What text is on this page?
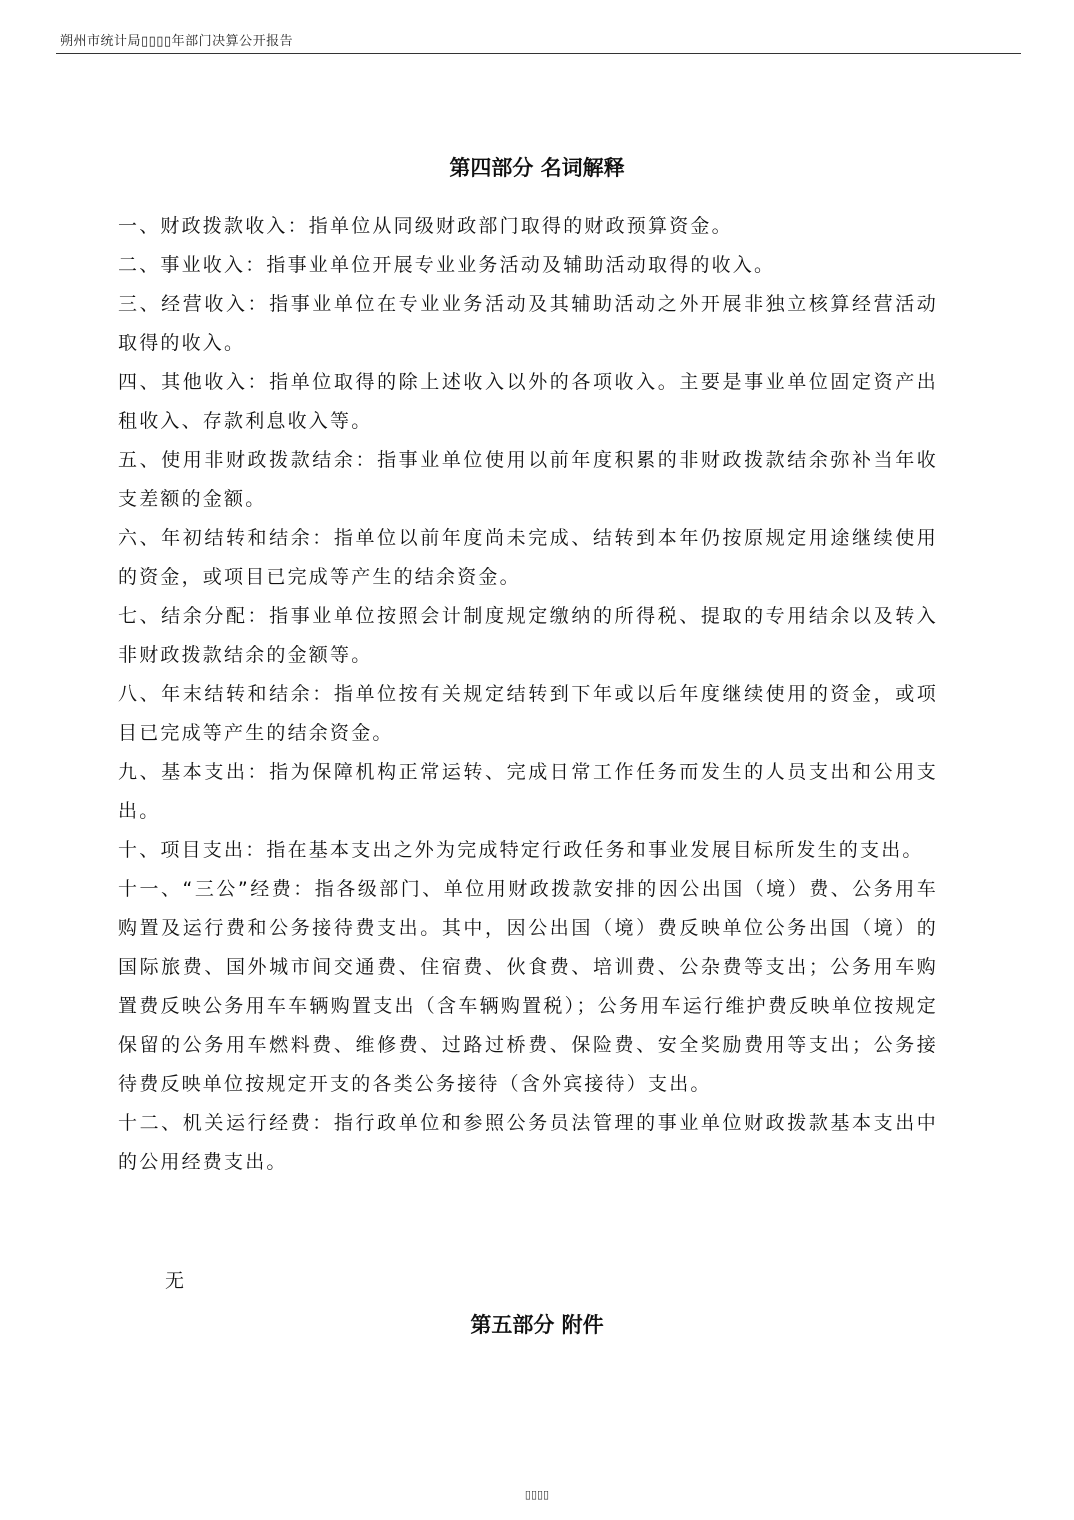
朔州市统计局▯▯▯▯年部门决算公开报告
第四部分 名词解释

一、财政拨款收入：指单位从同级财政部门取得的财政预算资金。

二、事业收入：指事业单位开展专业业务活动及辅助活动取得的收入。

三、经营收入：指事业单位在专业业务活动及其辅助活动之外开展非独立核算经营活动取得的收入。

四、其他收入：指单位取得的除上述收入以外的各项收入。主要是事业单位固定资产出租收入、存款利息收入等。

五、使用非财政拨款结余：指事业单位使用以前年度积累的非财政拨款结余弥补当年收支差额的金额。

六、年初结转和结余：指单位以前年度尚未完成、结转到本年仍按原规定用途继续使用的资金，或项目已完成等产生的结余资金。

七、结余分配：指事业单位按照会计制度规定缴纳的所得税、提取的专用结余以及转入非财政拨款结余的金额等。

八、年末结转和结余：指单位按有关规定结转到下年或以后年度继续使用的资金，或项目已完成等产生的结余资金。

九、基本支出：指为保障机构正常运转、完成日常工作任务而发生的人员支出和公用支出。

十、项目支出：指在基本支出之外为完成特定行政任务和事业发展目标所发生的支出。

十一、“三公”经费：指各级部门、单位用财政拨款安排的因公出国（境）费、公务用车购置及运行费和公务接待费支出。其中，因公出国（境）费反映单位公务出国（境）的国际旅费、国外城市间交通费、住宿费、伙食费、培训费、公杂费等支出；公务用车购置费反映公务用车车辆购置支出（含车辆购置税）；公务用车运行维护费反映单位按规定保留的公务用车燃料费、维修费、过路过桥费、保险费、安全奖励费用等支出；公务接待费反映单位按规定开支的各类公务接待（含外宾接待）支出。

十二、机关运行经费：指行政单位和参照公务员法管理的事业单位财政拨款基本支出中的公用经费支出。

无
第五部分 附件
▯▯▯▯
